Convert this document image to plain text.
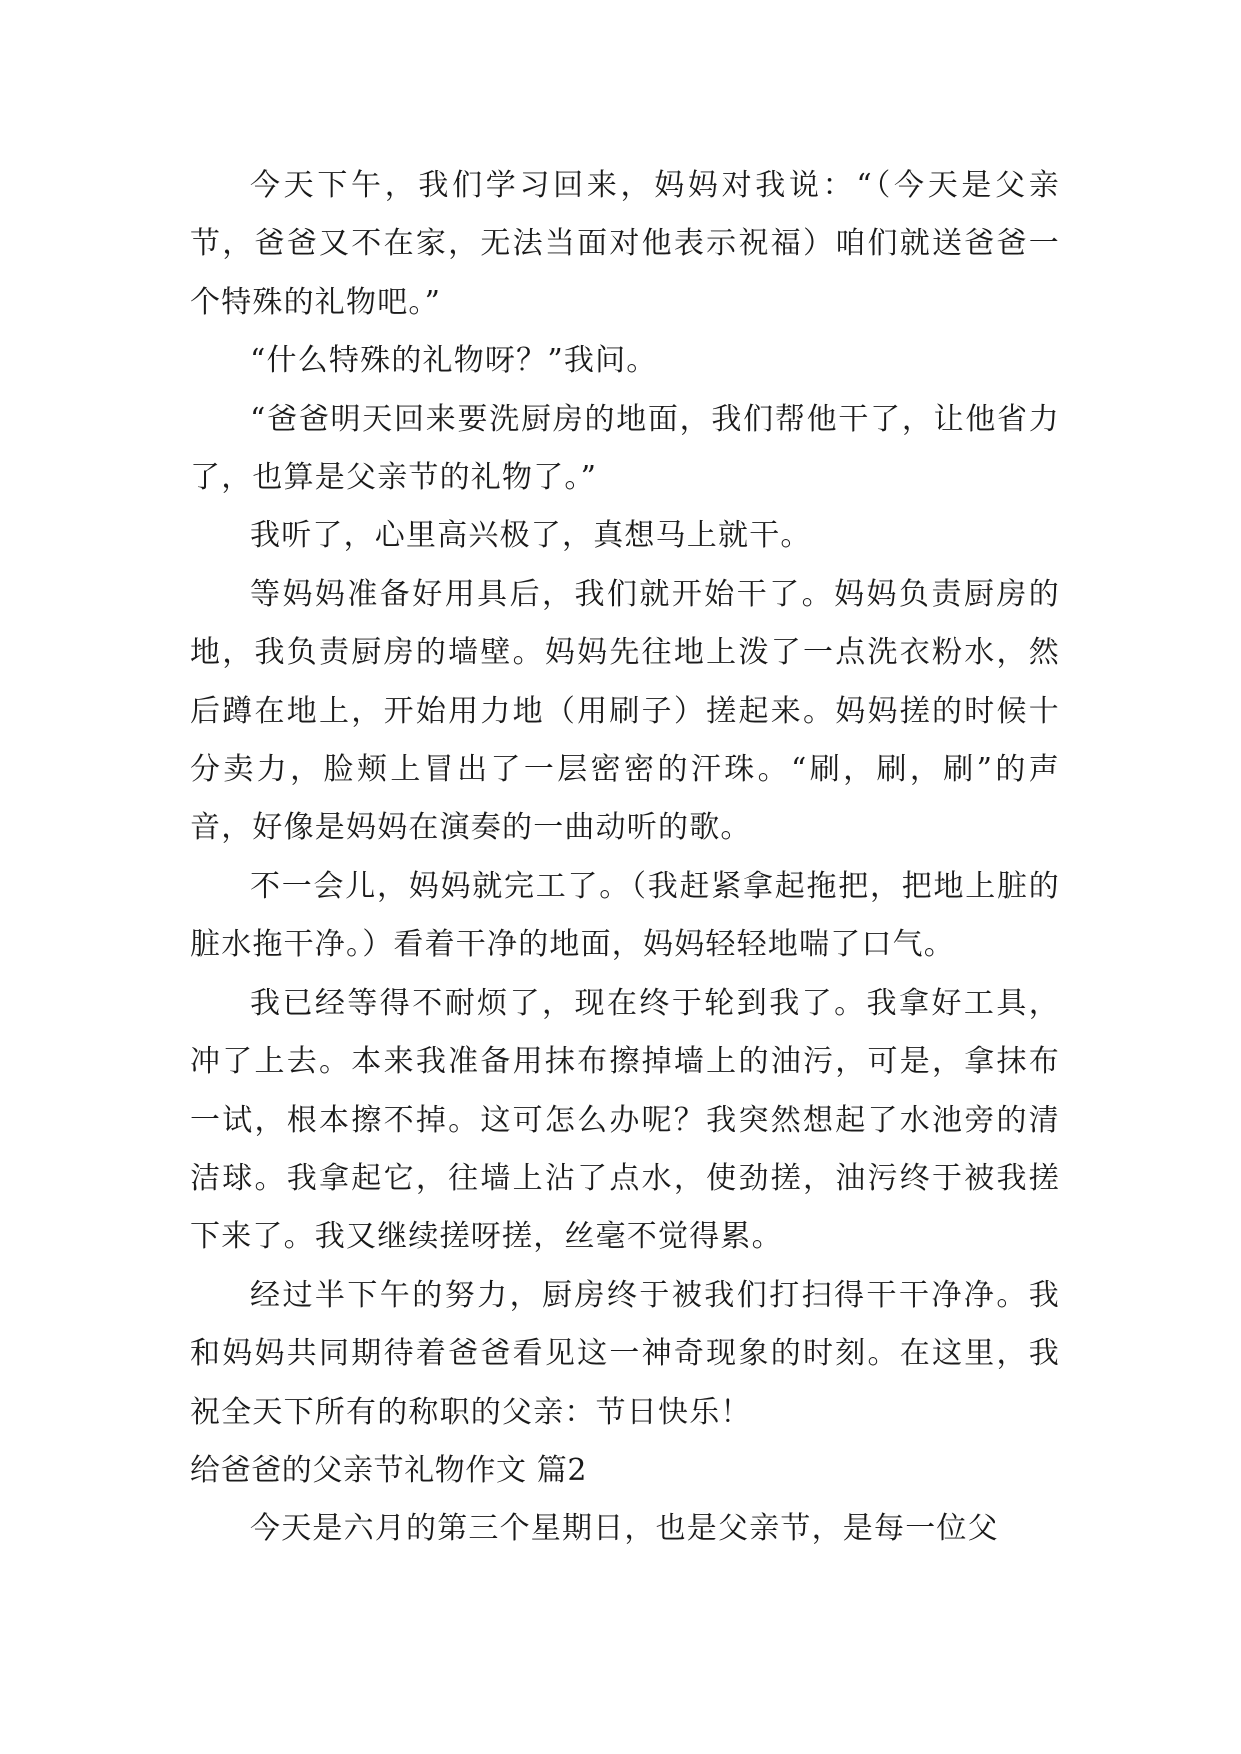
今天下午，我们学习回来，妈妈对我说：“（今天是父亲节，爸爸又不在家，无法当面对他表示祝福）咱们就送爸爸一个特殊的礼物吧。”

“什么特殊的礼物呀？”我问。

“爸爸明天回来要洗厨房的地面，我们帮他干了，让他省力了，也算是父亲节的礼物了。”

我听了，心里高兴极了，真想马上就干。

等妈妈准备好用具后，我们就开始干了。妈妈负责厨房的地，我负责厨房的墙壁。妈妈先往地上泼了一点洗衣粉水，然后蹲在地上，开始用力地（用刷子）搓起来。妈妈搓的时候十分卖力，脸颊上冒出了一层密密的汗珠。“刷，刷，刷”的声音，好像是妈妈在演奏的一曲动听的歌。

不一会儿，妈妈就完工了。（我赶紧拿起拖把，把地上脏的脏水拖干净。）看着干净的地面，妈妈轻轻地喘了口气。

我已经等得不耐烦了，现在终于轮到我了。我拿好工具，冲了上去。本来我准备用抹布擦掉墙上的油污，可是，拿抹布一试，根本擦不掉。这可怎么办呢？我突然想起了水池旁的清洁球。我拿起它，往墙上沾了点水，使劲搓，油污终于被我搓下来了。我又继续搓呀搓，丝毫不觉得累。

经过半下午的努力，厨房终于被我们打扫得干干净净。我和妈妈共同期待着爸爸看见这一神奇现象的时刻。在这里，我祝全天下所有的称职的父亲：节日快乐！

给爸爸的父亲节礼物作文 篇2

今天是六月的第三个星期日，也是父亲节，是每一位父
